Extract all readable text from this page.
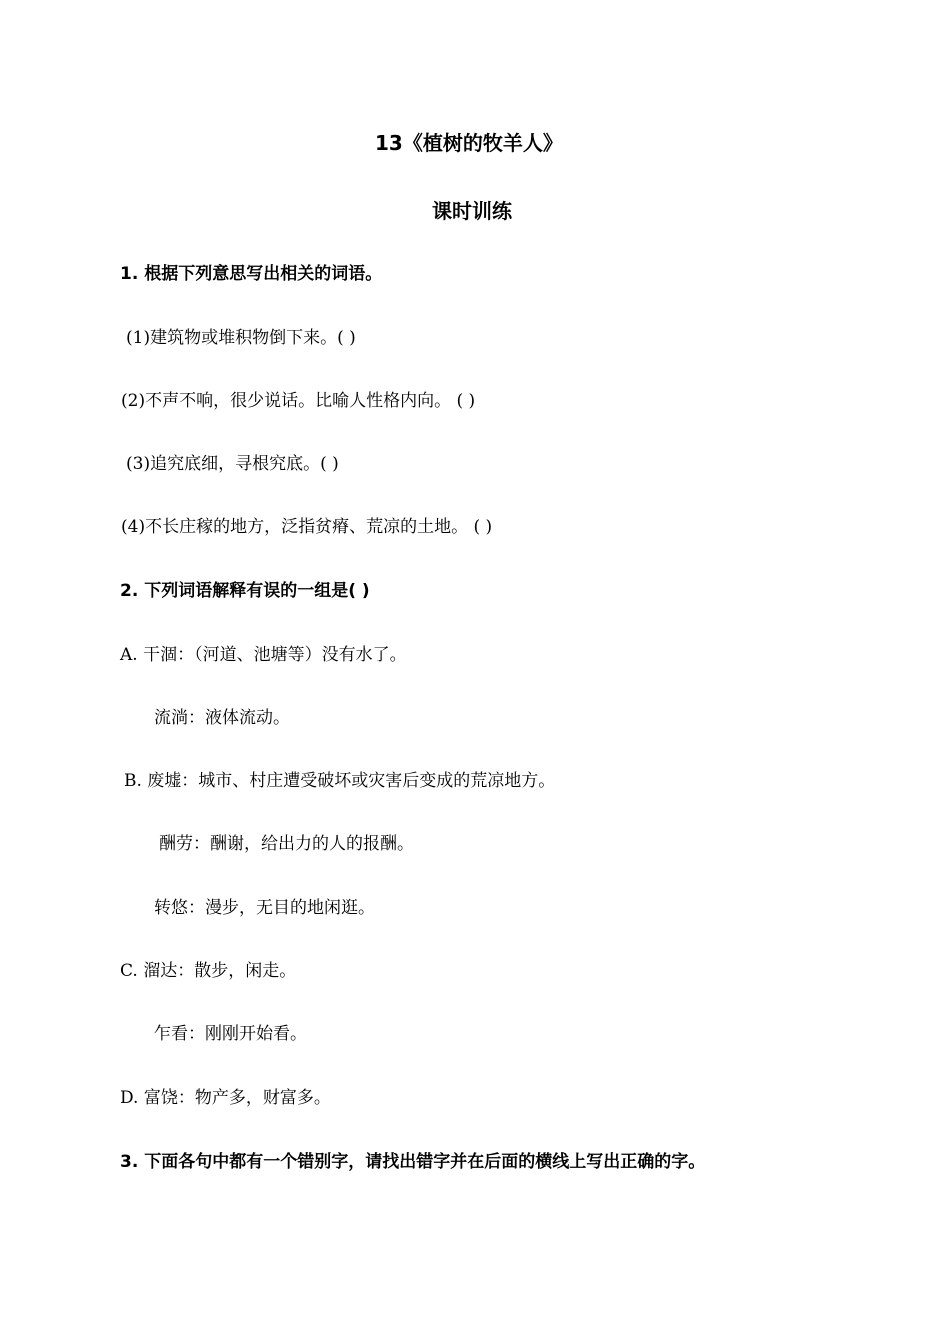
13《植树的牧羊人》
课时训练
1. 根据下列意思写出相关的词语。
(1)建筑物或堆积物倒下来。( )
(2)不声不响，很少说话。比喻人性格内向。 ( )
(3)追究底细，寻根究底。( )
(4)不长庄稼的地方，泛指贫瘠、荒凉的土地。 ( )
2. 下列词语解释有误的一组是( )
A. 干涸：（河道、池塘等）没有水了。
流淌：液体流动。
B. 废墟：城市、村庄遭受破坏或灾害后变成的荒凉地方。
酬劳：酬谢，给出力的人的报酬。
转悠：漫步，无目的地闲逛。
C. 溜达：散步，闲走。
乍看：刚刚开始看。
D. 富饶：物产多，财富多。
3. 下面各句中都有一个错别字，请找出错字并在后面的横线上写出正确的字。
